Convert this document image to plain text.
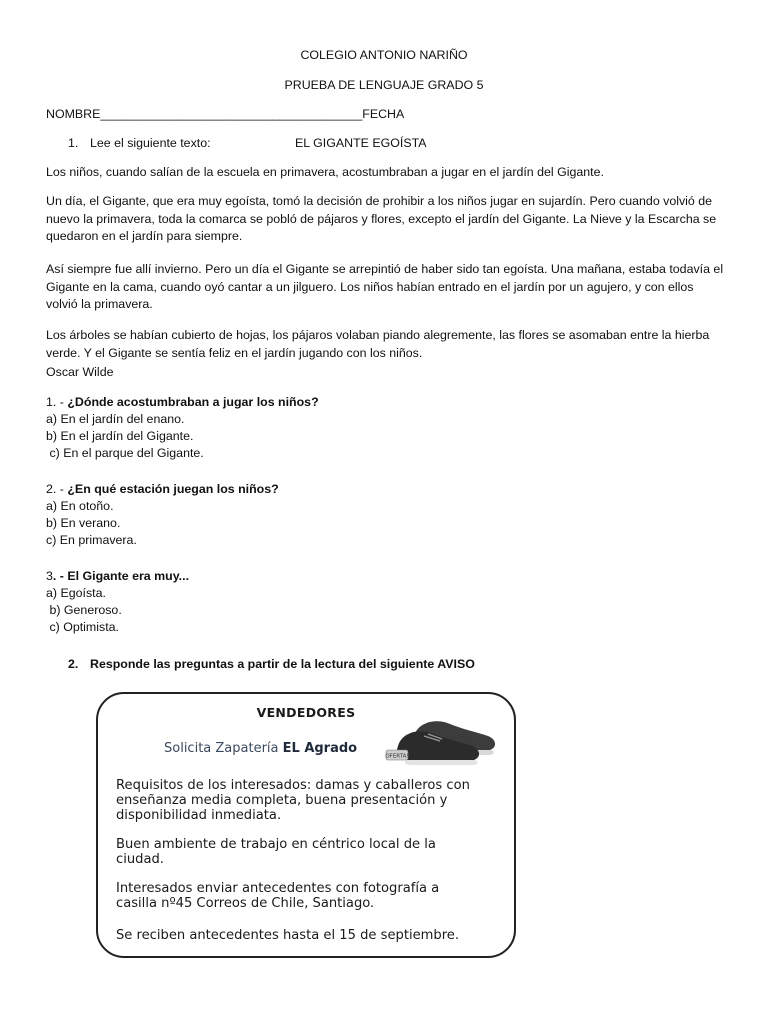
COLEGIO ANTONIO NARIÑO
PRUEBA DE LENGUAJE GRADO 5
NOMBRE______________________________________FECHA
1. Lee el siguiente texto:	EL GIGANTE EGOÍSTA
Los niños, cuando salían de la escuela en primavera, acostumbraban a jugar en el jardín del Gigante.
Un día, el Gigante, que era muy egoísta, tomó la decisión de prohibir a los niños jugar en sujardín. Pero cuando volvió de nuevo la primavera, toda la comarca se pobló de pájaros y flores, excepto el jardín del Gigante. La Nieve y la Escarcha se quedaron en el jardín para siempre.
Así siempre fue allí invierno. Pero un día el Gigante se arrepintió de haber sido tan egoísta. Una mañana, estaba todavía el Gigante en la cama, cuando oyó cantar a un jilguero. Los niños habían entrado en el jardín por un agujero, y con ellos volvió la primavera.
Los árboles se habían cubierto de hojas, los pájaros volaban piando alegremente, las flores se asomaban entre la hierba verde. Y el Gigante se sentía feliz en el jardín jugando con los niños.
Oscar Wilde
1. - ¿Dónde acostumbraban a jugar los niños?
a) En el jardín del enano.
b) En el jardín del Gigante.
c) En el parque del Gigante.
2. - ¿En qué estación juegan los niños?
a) En otoño.
b) En verano.
c) En primavera.
3. - El Gigante era muy...
a) Egoísta.
b) Generoso.
c) Optimista.
2. Responde las preguntas a partir de la lectura del siguiente AVISO
VENDEDORES
OFERTA!
Solicita Zapatería EL Agrado
Requisitos de los interesados: damas y caballeros con
enseñanza media completa, buena presentación y
disponibilidad inmediata.
Buen ambiente de trabajo en céntrico local de la
ciudad.
Interesados enviar antecedentes con fotografía a
casilla nº45 Correos de Chile, Santiago.
Se reciben antecedentes hasta el 15 de septiembre.
